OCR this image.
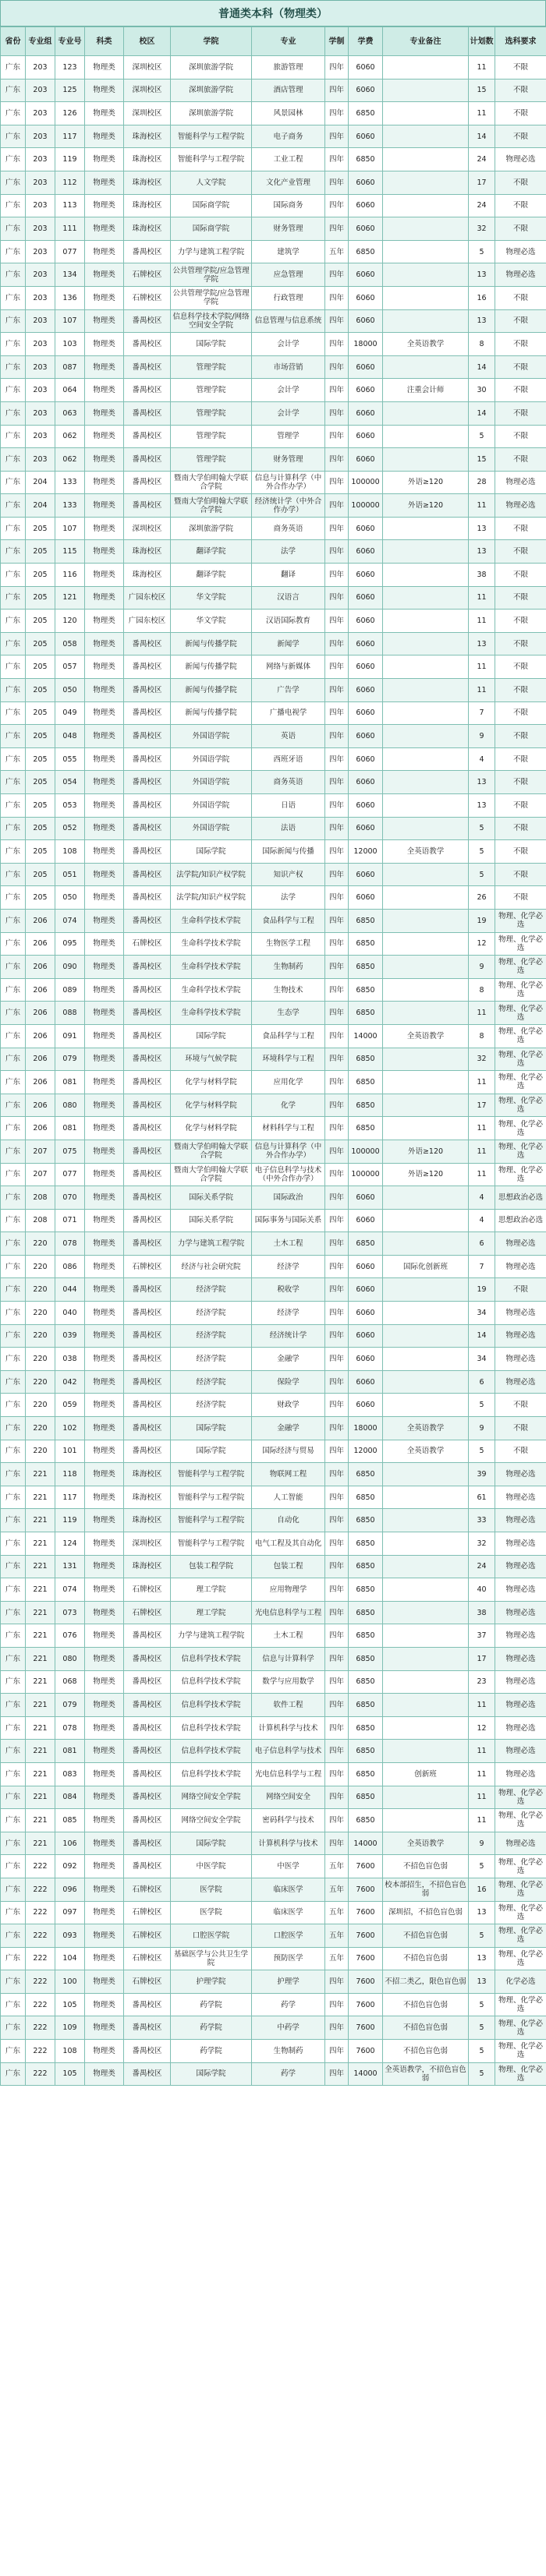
普通类本科（物理类）
省份	专业组	专业号	科类	校区	学院	专业	学制	学费	专业备注	计划数	选科要求
广东	203	123	物理类	深圳校区	深圳旅游学院	旅游管理	四年	6060		11	不限
广东	203	125	物理类	深圳校区	深圳旅游学院	酒店管理	四年	6060		15	不限
广东	203	126	物理类	深圳校区	深圳旅游学院	风景园林	四年	6850		11	不限
广东	203	117	物理类	珠海校区	智能科学与工程学院	电子商务	四年	6060		14	不限
广东	203	119	物理类	珠海校区	智能科学与工程学院	工业工程	四年	6850		24	物理必选
广东	203	112	物理类	珠海校区	人文学院	文化产业管理	四年	6060		17	不限
广东	203	113	物理类	珠海校区	国际商学院	国际商务	四年	6060		24	不限
广东	203	111	物理类	珠海校区	国际商学院	财务管理	四年	6060		32	不限
广东	203	077	物理类	番禺校区	力学与建筑工程学院	建筑学	五年	6850		5	物理必选
广东	203	134	物理类	石牌校区	公共管理学院/应急管理学院	应急管理	四年	6060		13	物理必选
广东	203	136	物理类	石牌校区	公共管理学院/应急管理学院	行政管理	四年	6060		16	不限
广东	203	107	物理类	番禺校区	信息科学技术学院/网络空间安全学院	信息管理与信息系统	四年	6060		13	不限
广东	203	103	物理类	番禺校区	国际学院	会计学	四年	18000	全英语教学	8	不限
广东	203	087	物理类	番禺校区	管理学院	市场营销	四年	6060		14	不限
广东	203	064	物理类	番禺校区	管理学院	会计学	四年	6060	注重会计师	30	不限
广东	203	063	物理类	番禺校区	管理学院	会计学	四年	6060		14	不限
广东	203	062	物理类	番禺校区	管理学院	管理学	四年	6060		5	不限
广东	203	062	物理类	番禺校区	管理学院	财务管理	四年	6060		15	不限
广东	204	133	物理类	番禺校区	暨南大学伯明翰大学联合学院	信息与计算科学（中外合作办学）	四年	100000	外语≥120	28	物理必选
广东	204	133	物理类	番禺校区	暨南大学伯明翰大学联合学院	经济统计学（中外合作办学）	四年	100000	外语≥120	11	物理必选
广东	205	107	物理类	深圳校区	深圳旅游学院	商务英语	四年	6060		13	不限
广东	205	115	物理类	珠海校区	翻译学院	法学	四年	6060		13	不限
广东	205	116	物理类	珠海校区	翻译学院	翻译	四年	6060		38	不限
广东	205	121	物理类	广园东校区	华文学院	汉语言	四年	6060		11	不限
广东	205	120	物理类	广园东校区	华文学院	汉语国际教育	四年	6060		11	不限
广东	205	058	物理类	番禺校区	新闻与传播学院	新闻学	四年	6060		13	不限
广东	205	057	物理类	番禺校区	新闻与传播学院	网络与新媒体	四年	6060		11	不限
广东	205	050	物理类	番禺校区	新闻与传播学院	广告学	四年	6060		11	不限
广东	205	049	物理类	番禺校区	新闻与传播学院	广播电视学	四年	6060		7	不限
广东	205	048	物理类	番禺校区	外国语学院	英语	四年	6060		9	不限
广东	205	055	物理类	番禺校区	外国语学院	西班牙语	四年	6060		4	不限
广东	205	054	物理类	番禺校区	外国语学院	商务英语	四年	6060		13	不限
广东	205	053	物理类	番禺校区	外国语学院	日语	四年	6060		13	不限
广东	205	052	物理类	番禺校区	外国语学院	法语	四年	6060		5	不限
广东	205	108	物理类	番禺校区	国际学院	国际新闻与传播	四年	12000	全英语教学	5	不限
广东	205	051	物理类	番禺校区	法学院/知识产权学院	知识产权	四年	6060		5	不限
广东	205	050	物理类	番禺校区	法学院/知识产权学院	法学	四年	6060		26	不限
广东	206	074	物理类	番禺校区	生命科学技术学院	食品科学与工程	四年	6850		19	物理、化学必选
广东	206	095	物理类	石牌校区	生命科学技术学院	生物医学工程	四年	6850		12	物理、化学必选
广东	206	090	物理类	番禺校区	生命科学技术学院	生物制药	四年	6850		9	物理、化学必选
广东	206	089	物理类	番禺校区	生命科学技术学院	生物技术	四年	6850		8	物理、化学必选
广东	206	088	物理类	番禺校区	生命科学技术学院	生态学	四年	6850		11	物理、化学必选
广东	206	091	物理类	番禺校区	国际学院	食品科学与工程	四年	14000	全英语教学	8	物理、化学必选
广东	206	079	物理类	番禺校区	环境与气候学院	环境科学与工程	四年	6850		32	物理、化学必选
广东	206	081	物理类	番禺校区	化学与材料学院	应用化学	四年	6850		11	物理、化学必选
广东	206	080	物理类	番禺校区	化学与材料学院	化学	四年	6850		17	物理、化学必选
广东	206	081	物理类	番禺校区	化学与材料学院	材料科学与工程	四年	6850		11	物理、化学必选
广东	207	075	物理类	番禺校区	暨南大学伯明翰大学联合学院	信息与计算科学（中外合作办学）	四年	100000	外语≥120	11	物理、化学必选
广东	207	077	物理类	番禺校区	暨南大学伯明翰大学联合学院	电子信息科学与技术（中外合作办学）	四年	100000	外语≥120	11	物理、化学必选
广东	208	070	物理类	番禺校区	国际关系学院	国际政治	四年	6060		4	思想政治必选
广东	208	071	物理类	番禺校区	国际关系学院	国际事务与国际关系	四年	6060		4	思想政治必选
广东	220	078	物理类	番禺校区	力学与建筑工程学院	土木工程	四年	6850		6	物理必选
广东	220	086	物理类	石牌校区	经济与社会研究院	经济学	四年	6060	国际化创新班	7	物理必选
广东	220	044	物理类	番禺校区	经济学院	税收学	四年	6060		19	不限
广东	220	040	物理类	番禺校区	经济学院	经济学	四年	6060		34	物理必选
广东	220	039	物理类	番禺校区	经济学院	经济统计学	四年	6060		14	物理必选
广东	220	038	物理类	番禺校区	经济学院	金融学	四年	6060		34	物理必选
广东	220	042	物理类	番禺校区	经济学院	保险学	四年	6060		6	物理必选
广东	220	059	物理类	番禺校区	经济学院	财政学	四年	6060		5	不限
广东	220	102	物理类	番禺校区	国际学院	金融学	四年	18000	全英语教学	9	不限
广东	220	101	物理类	番禺校区	国际学院	国际经济与贸易	四年	12000	全英语教学	5	不限
广东	221	118	物理类	珠海校区	智能科学与工程学院	物联网工程	四年	6850		39	物理必选
广东	221	117	物理类	珠海校区	智能科学与工程学院	人工智能	四年	6850		61	物理必选
广东	221	119	物理类	珠海校区	智能科学与工程学院	自动化	四年	6850		33	物理必选
广东	221	124	物理类	深圳校区	智能科学与工程学院	电气工程及其自动化	四年	6850		32	物理必选
广东	221	131	物理类	珠海校区	包装工程学院	包装工程	四年	6850		24	物理必选
广东	221	074	物理类	石牌校区	理工学院	应用物理学	四年	6850		40	物理必选
广东	221	073	物理类	石牌校区	理工学院	光电信息科学与工程	四年	6850		38	物理必选
广东	221	076	物理类	番禺校区	力学与建筑工程学院	土木工程	四年	6850		37	物理必选
广东	221	080	物理类	番禺校区	信息科学技术学院	信息与计算科学	四年	6850		17	物理必选
广东	221	068	物理类	番禺校区	信息科学技术学院	数学与应用数学	四年	6850		23	物理必选
广东	221	079	物理类	番禺校区	信息科学技术学院	软件工程	四年	6850		11	物理必选
广东	221	078	物理类	番禺校区	信息科学技术学院	计算机科学与技术	四年	6850		12	物理必选
广东	221	081	物理类	番禺校区	信息科学技术学院	电子信息科学与技术	四年	6850		11	物理必选
广东	221	083	物理类	番禺校区	信息科学技术学院	光电信息科学与工程	四年	6850	创新班	11	物理必选
广东	221	084	物理类	番禺校区	网络空间安全学院	网络空间安全	四年	6850		11	物理、化学必选
广东	221	085	物理类	番禺校区	网络空间安全学院	密码科学与技术	四年	6850		11	物理、化学必选
广东	221	106	物理类	番禺校区	国际学院	计算机科学与技术	四年	14000	全英语教学	9	物理必选
广东	222	092	物理类	番禺校区	中医学院	中医学	五年	7600	不招色盲色弱	5	物理、化学必选
广东	222	096	物理类	石牌校区	医学院	临床医学	五年	7600	校本部招生，不招色盲色弱	16	物理、化学必选
广东	222	097	物理类	石牌校区	医学院	临床医学	五年	7600	深圳招，不招色盲色弱	13	物理、化学必选
广东	222	093	物理类	石牌校区	口腔医学院	口腔医学	五年	7600	不招色盲色弱	5	物理、化学必选
广东	222	104	物理类	石牌校区	基础医学与公共卫生学院	预防医学	五年	7600	不招色盲色弱	13	物理、化学必选
广东	222	100	物理类	石牌校区	护理学院	护理学	四年	7600	不招二类乙，限色盲色弱	13	化学必选
广东	222	105	物理类	番禺校区	药学院	药学	四年	7600	不招色盲色弱	5	物理、化学必选
广东	222	109	物理类	番禺校区	药学院	中药学	四年	7600	不招色盲色弱	5	物理、化学必选
广东	222	108	物理类	番禺校区	药学院	生物制药	四年	7600	不招色盲色弱	5	物理、化学必选
广东	222	105	物理类	番禺校区	国际学院	药学	四年	14000	全英语教学，不招色盲色弱	5	物理、化学必选
